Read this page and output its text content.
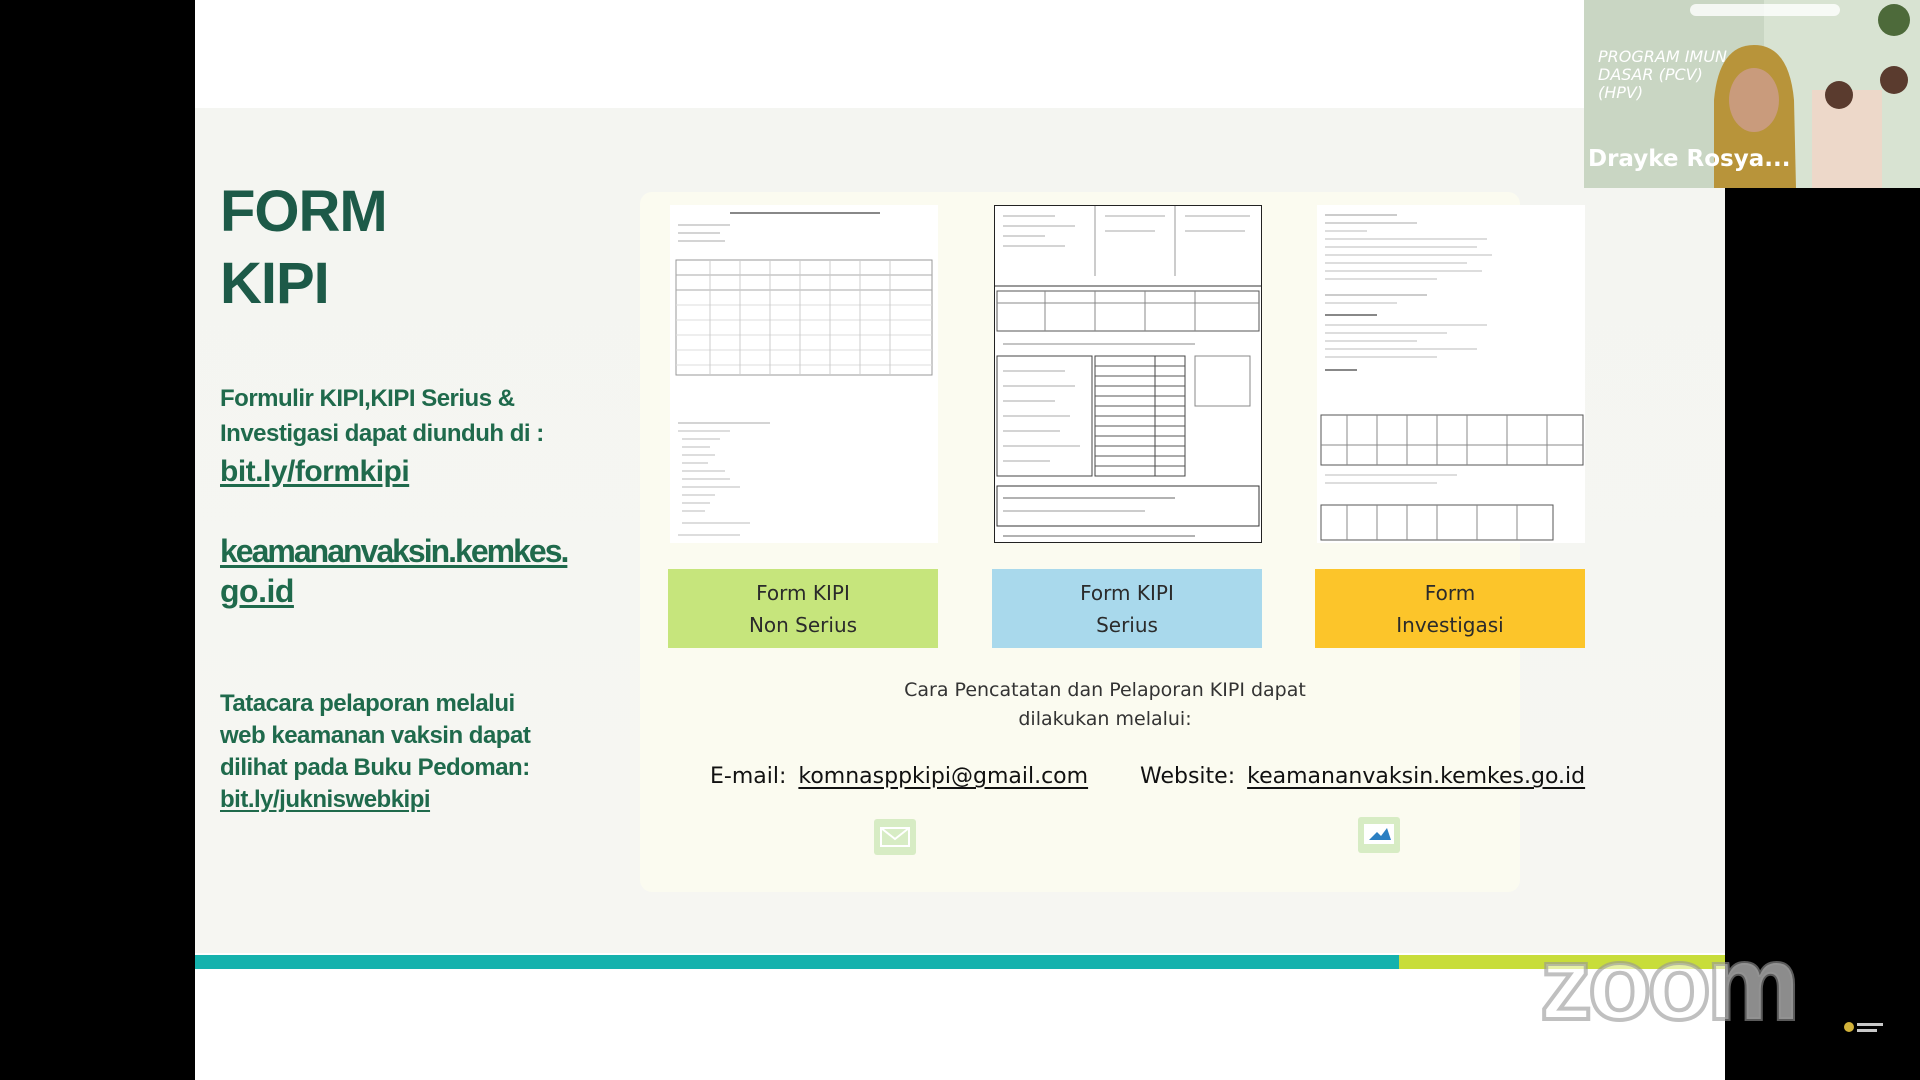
FORM
KIPI
Formulir KIPI,KIPI Serius &
Investigasi dapat diunduh di :
bit.ly/formkipi
keamananvaksin.kemkes.
go.id
Tatacara pelaporan melalui
web keamanan vaksin dapat
dilihat pada Buku Pedoman:
bit.ly/jukniswebkipi
Form KIPI
Non Serius
Form KIPI
Serius
Form
Investigasi
Cara Pencatatan dan Pelaporan KIPI dapat
dilakukan melalui:
E-mail: komnasppkipi@gmail.com Website: keamananvaksin.kemkes.go.id
zoom
PROGRAM IMUN
DASAR (PCV)
(HPV)
Drayke Rosya...
